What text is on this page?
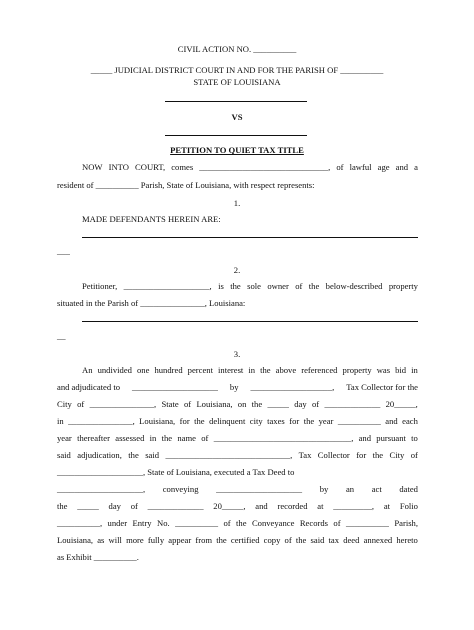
CIVIL ACTION NO. __________
_____ JUDICIAL DISTRICT COURT IN AND FOR THE PARISH OF __________
STATE OF LOUISIANA
VS
PETITION TO QUIET TAX TITLE
NOW INTO COURT, comes ______________________________, of lawful age and a
resident of __________ Parish, State of Louisiana, with respect represents:
1.
MADE DEFENDANTS HEREIN ARE:
___
2.
Petitioner, ____________________, is the sole owner of the below-described property
situated in the Parish of _______________, Louisiana:
__
3.
An undivided one hundred percent interest in the above referenced property was bid in
and adjudicated to ____________________ by ___________________, Tax Collector for the
City of _______________, State of Louisiana, on the _____ day of _____________ 20_____,
in _______________, Louisiana, for the delinquent city taxes for the year __________ and each
year thereafter assessed in the name of ________________________________, and pursuant to
said adjudication, the said _____________________________, Tax Collector for the City of
____________________, State of Louisiana, executed a Tax Deed to
____________________, conveying ____________________ by an act dated
the _____ day of _____________ 20_____, and recorded at _________, at Folio
__________, under Entry No. __________ of the Conveyance Records of __________ Parish,
Louisiana, as will more fully appear from the certified copy of the said tax deed annexed hereto
as Exhibit __________.
